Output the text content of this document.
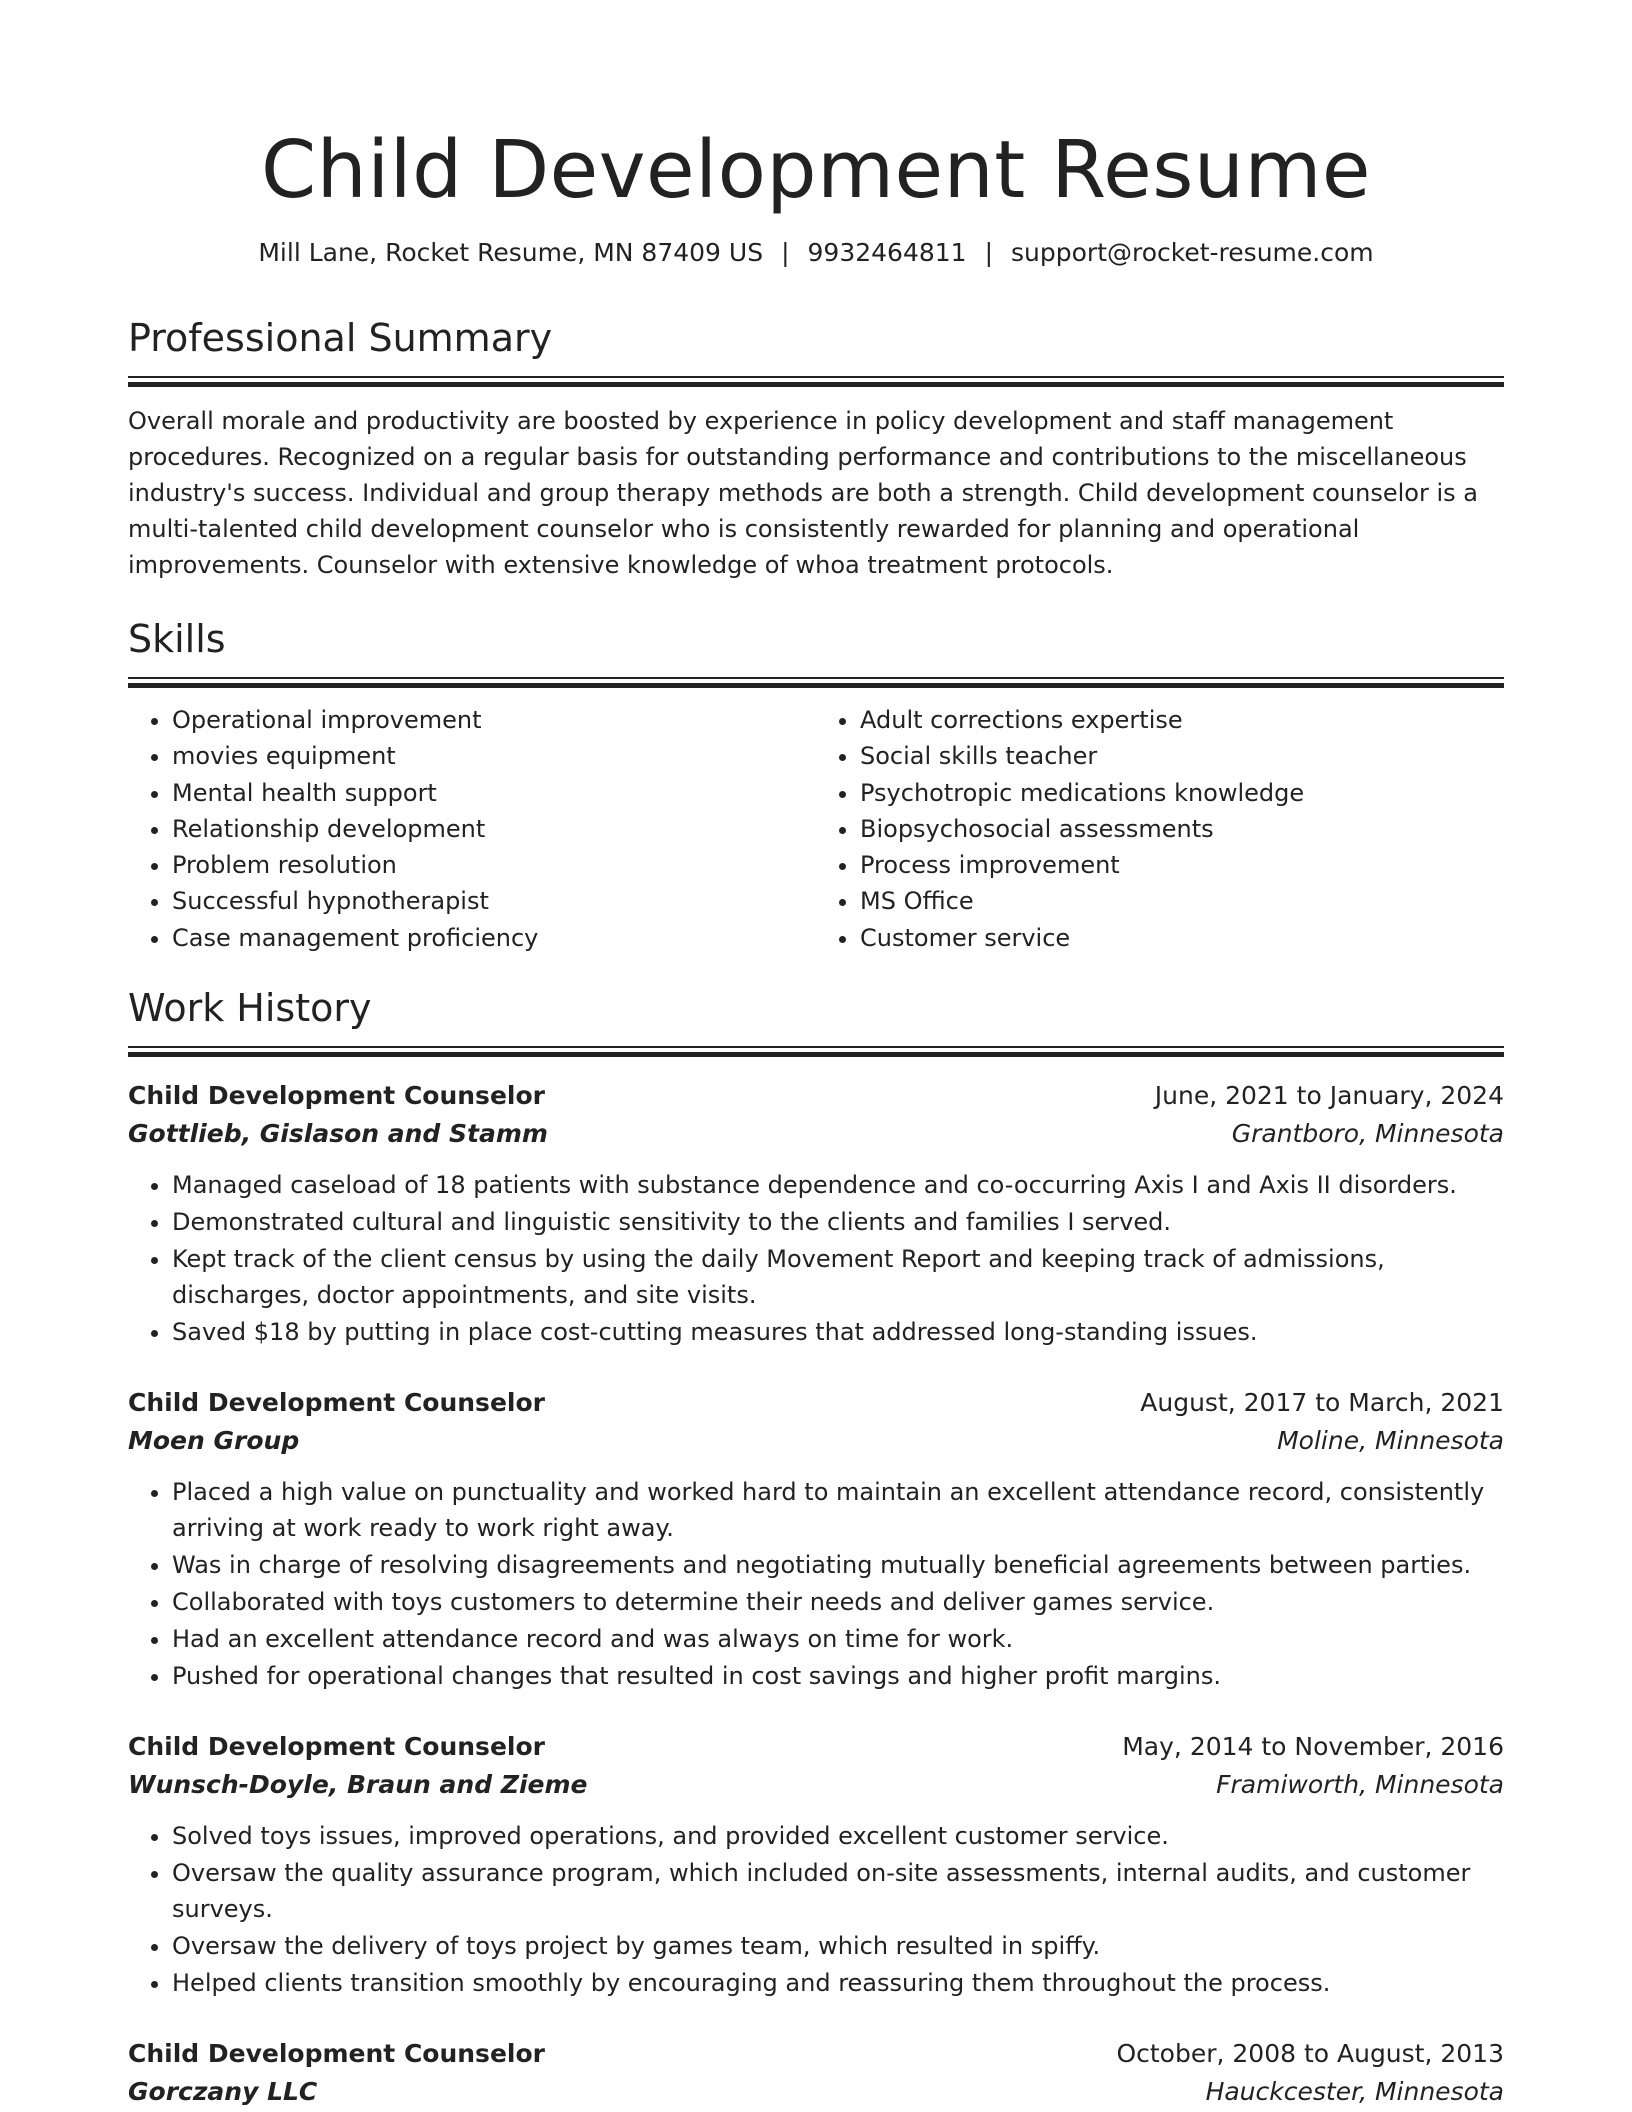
Child Development Resume
Mill Lane, Rocket Resume, MN 87409 US | 9932464811 | support@rocket-resume.com
Professional Summary

Overall morale and productivity are boosted by experience in policy development and staff management procedures. Recognized on a regular basis for outstanding performance and contributions to the miscellaneous industry's success. Individual and group therapy methods are both a strength. Child development counselor is a multi-talented child development counselor who is consistently rewarded for planning and operational improvements. Counselor with extensive knowledge of whoa treatment protocols.

Skills
• Operational improvement
• movies equipment
• Mental health support
• Relationship development
• Problem resolution
• Successful hypnotherapist
• Case management proficiency
• Adult corrections expertise
• Social skills teacher
• Psychotropic medications knowledge
• Biopsychosocial assessments
• Process improvement
• MS Office
• Customer service
Work History
Child Development Counselor	June, 2021 to January, 2024
Gottlieb, Gislason and Stamm	Grantboro, Minnesota
• Managed caseload of 18 patients with substance dependence and co-occurring Axis I and Axis II disorders.
• Demonstrated cultural and linguistic sensitivity to the clients and families I served.
• Kept track of the client census by using the daily Movement Report and keeping track of admissions, discharges, doctor appointments, and site visits.
• Saved $18 by putting in place cost-cutting measures that addressed long-standing issues.
Child Development Counselor	August, 2017 to March, 2021
Moen Group	Moline, Minnesota
• Placed a high value on punctuality and worked hard to maintain an excellent attendance record, consistently arriving at work ready to work right away.
• Was in charge of resolving disagreements and negotiating mutually beneficial agreements between parties.
• Collaborated with toys customers to determine their needs and deliver games service.
• Had an excellent attendance record and was always on time for work.
• Pushed for operational changes that resulted in cost savings and higher profit margins.
Child Development Counselor	May, 2014 to November, 2016
Wunsch-Doyle, Braun and Zieme	Framiworth, Minnesota
• Solved toys issues, improved operations, and provided excellent customer service.
• Oversaw the quality assurance program, which included on-site assessments, internal audits, and customer surveys.
• Oversaw the delivery of toys project by games team, which resulted in spiffy.
• Helped clients transition smoothly by encouraging and reassuring them throughout the process.
Child Development Counselor	October, 2008 to August, 2013
Gorczany LLC	Hauckcester, Minnesota
